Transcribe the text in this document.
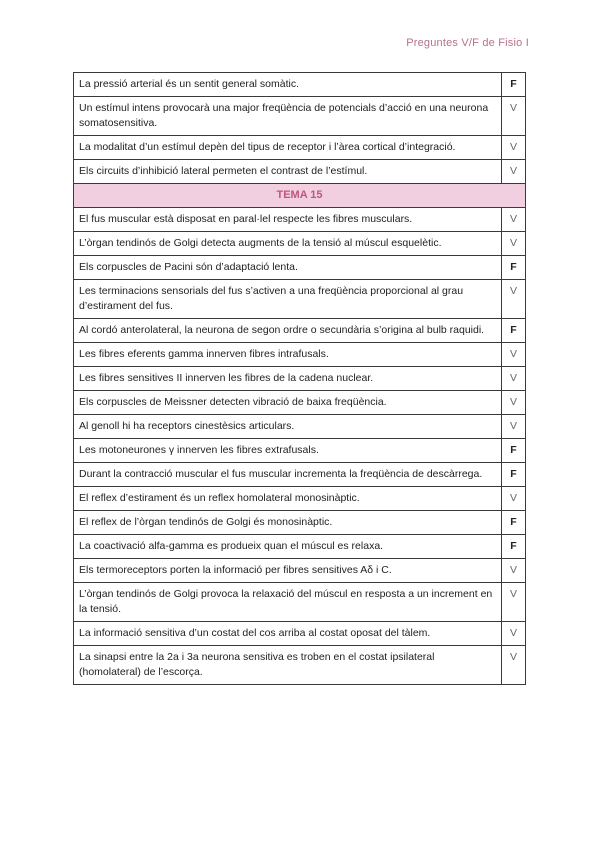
Preguntes V/F de Fisio I
La pressió arterial és un sentit general somàtic.	F
Un estímul intens provocarà una major freqüència de potencials d’acció en una neurona somatosensitiva.	V
La modalitat d’un estímul depèn del tipus de receptor i l’àrea cortical d’integració.	V
Els circuits d’inhibició lateral permeten el contrast de l’estímul.	V
TEMA 15	
El fus muscular està disposat en paral·lel respecte les fibres musculars.	V
L’òrgan tendinós de Golgi detecta augments de la tensió al múscul esquelètic.	V
Els corpuscles de Pacini són d’adaptació lenta.	F
Les terminacions sensorials del fus s’activen a una freqüència proporcional al grau d’estirament del fus.	V
Al cordó anterolateral, la neurona de segon ordre o secundària s’origina al bulb raquidi.	F
Les fibres eferents gamma innerven fibres intrafusals.	V
Les fibres sensitives II innerven les fibres de la cadena nuclear.	V
Els corpuscles de Meissner detecten vibració de baixa freqüència.	V
Al genoll hi ha receptors cinestèsics articulars.	V
Les motoneurones γ innerven les fibres extrafusals.	F
Durant la contracció muscular el fus muscular incrementa la freqüència de descàrrega.	F
El reflex d’estirament és un reflex homolateral monosinàptic.	V
El reflex de l’òrgan tendinós de Golgi és monosinàptic.	F
La coactivació alfa-gamma es produeix quan el múscul es relaxa.	F
Els termoreceptors porten la informació per fibres sensitives Aδ i C.	V
L’òrgan tendinós de Golgi provoca la relaxació del múscul en resposta a un increment en la tensió.	V
La informació sensitiva d’un costat del cos arriba al costat oposat del tàlem.	V
La sinapsi entre la 2a i 3a neurona sensitiva es troben en el costat ipsilateral (homolateral) de l’escorça.	V
